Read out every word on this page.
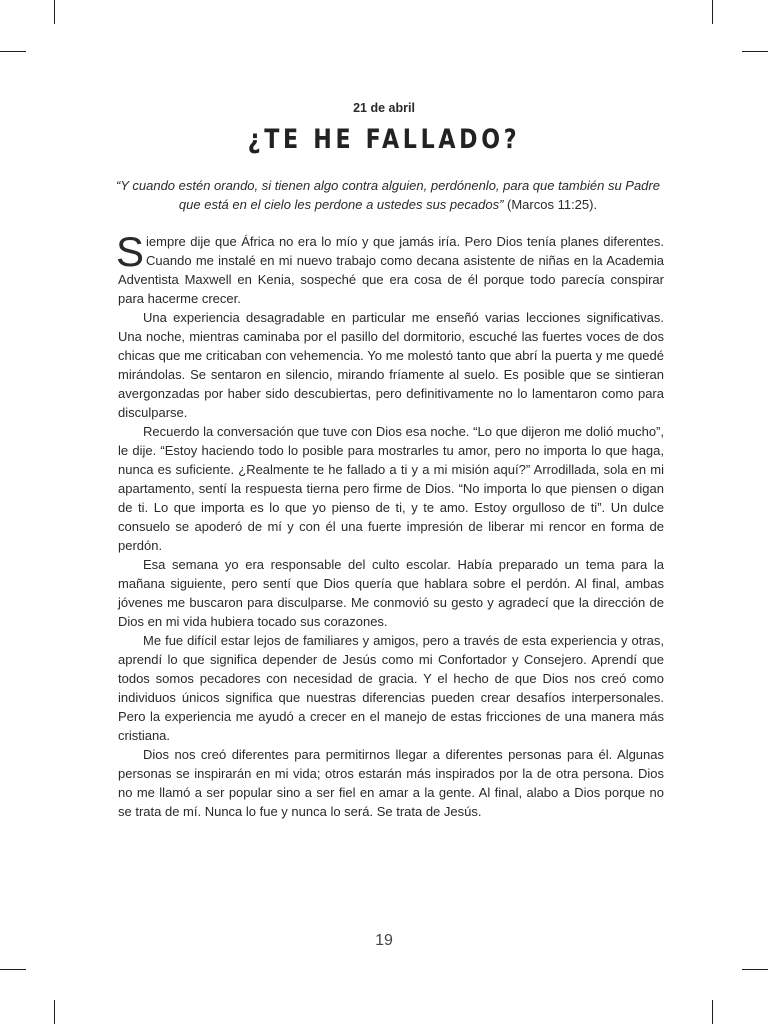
21 de abril
¿TE HE FALLADO?
“Y cuando estén orando, si tienen algo contra alguien, perdónenlo, para que también su Padre que está en el cielo les perdone a ustedes sus pecados” (Marcos 11:25).

Siempre dije que África no era lo mío y que jamás iría. Pero Dios tenía planes diferentes. Cuando me instalé en mi nuevo trabajo como decana asistente de niñas en la Academia Adventista Maxwell en Kenia, sospeché que era cosa de él porque todo parecía conspirar para hacerme crecer.

Una experiencia desagradable en particular me enseñó varias lecciones significativas. Una noche, mientras caminaba por el pasillo del dormitorio, escuché las fuertes voces de dos chicas que me criticaban con vehemencia. Yo me molestó tanto que abrí la puerta y me quedé mirándolas. Se sentaron en silencio, mirando fríamente al suelo. Es posible que se sintieran avergonzadas por haber sido descubiertas, pero definitivamente no lo lamentaron como para disculparse.

Recuerdo la conversación que tuve con Dios esa noche. “Lo que dijeron me dolió mucho”, le dije. “Estoy haciendo todo lo posible para mostrarles tu amor, pero no importa lo que haga, nunca es suficiente. ¿Realmente te he fallado a ti y a mi misión aquí?” Arrodillada, sola en mi apartamento, sentí la respuesta tierna pero firme de Dios. “No importa lo que piensen o digan de ti. Lo que importa es lo que yo pienso de ti, y te amo. Estoy orgulloso de ti”. Un dulce consuelo se apoderó de mí y con él una fuerte impresión de liberar mi rencor en forma de perdón.

Esa semana yo era responsable del culto escolar. Había preparado un tema para la mañana siguiente, pero sentí que Dios quería que hablara sobre el perdón. Al final, ambas jóvenes me buscaron para disculparse. Me conmovió su gesto y agradecí que la dirección de Dios en mi vida hubiera tocado sus corazones.

Me fue difícil estar lejos de familiares y amigos, pero a través de esta experiencia y otras, aprendí lo que significa depender de Jesús como mi Confortador y Consejero. Aprendí que todos somos pecadores con necesidad de gracia. Y el hecho de que Dios nos creó como individuos únicos significa que nuestras diferencias pueden crear desafíos interpersonales. Pero la experiencia me ayudó a crecer en el manejo de estas fricciones de una manera más cristiana.

Dios nos creó diferentes para permitirnos llegar a diferentes personas para él. Algunas personas se inspirarán en mi vida; otros estarán más inspirados por la de otra persona. Dios no me llamó a ser popular sino a ser fiel en amar a la gente. Al final, alabo a Dios porque no se trata de mí. Nunca lo fue y nunca lo será. Se trata de Jesús.

19
